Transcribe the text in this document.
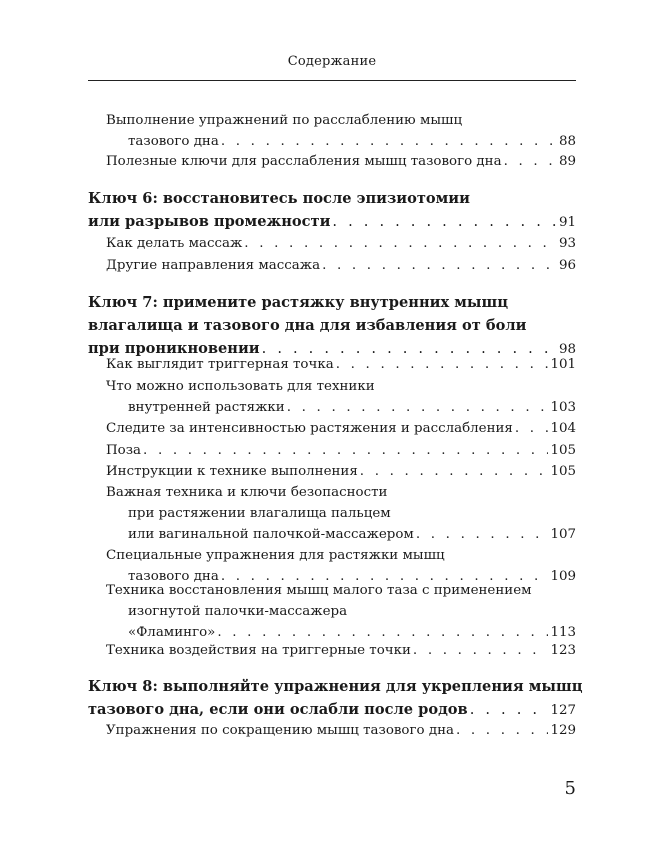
Содержание
Выполнение упражнений по расслаблению мышц
тазового дна . . .	88
Полезные ключи для расслабления мышц тазового дна . . .	89
Ключ 6: восстановитесь после эпизиотомии
или разрывов промежности . . .	91
Как делать массаж . . .	93
Другие направления массажа . . .	96
Ключ 7: примените растяжку внутренних мышц
влагалища и тазового дна для избавления от боли
при проникновении . . .	98
Как выглядит триггерная точка . . .	101
Что можно использовать для техники
внутренней растяжки . . .	103
Следите за интенсивностью растяжения и расслабления . . .	104
Поза . . .	105
Инструкции к технике выполнения . . .	105
Важная техника и ключи безопасности
при растяжении влагалища пальцем
или вагинальной палочкой-массажером . . .	107
Специальные упражнения для растяжки мышц
тазового дна . . .	109
Техника восстановления мышц малого таза с применением
изогнутой палочки-массажера
«Фламинго» . . .	113
Техника воздействия на триггерные точки . . .	123
Ключ 8: выполняйте упражнения для укрепления мышц
тазового дна, если они ослабли после родов . . .	127
Упражнения по сокращению мышц тазового дна . . .	129
5
